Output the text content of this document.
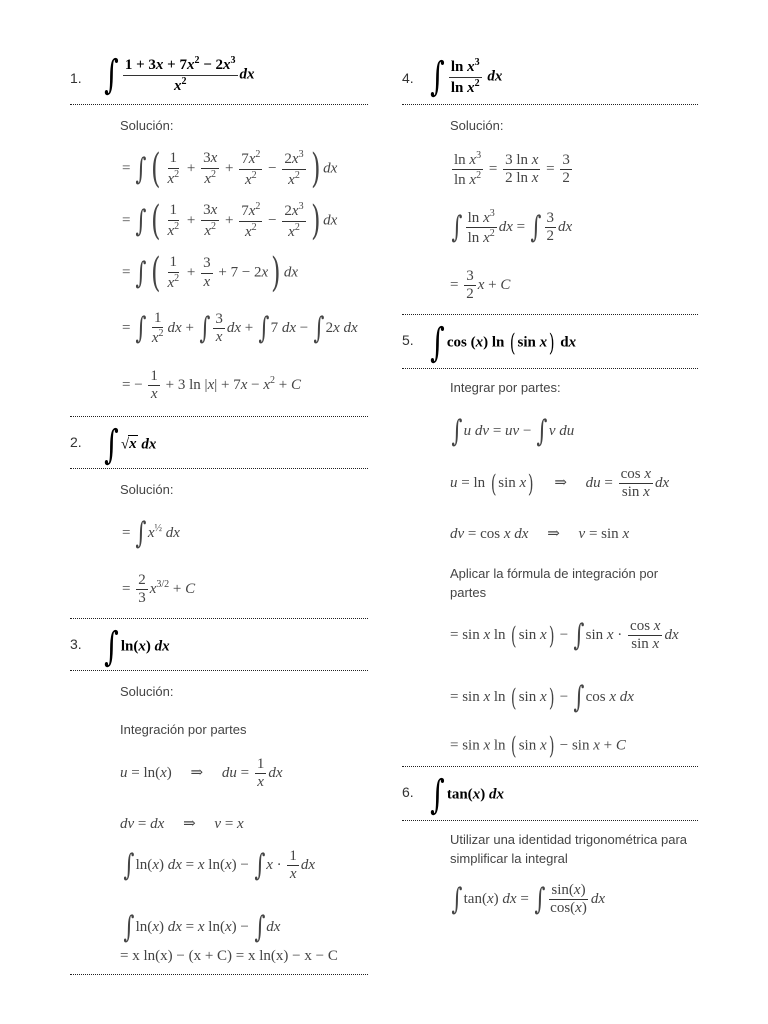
1. ∫ $\frac{1 + 3x + 7x^2 - 2x^3}{x^2}$ dx
Solución:
= ∫ ( $\frac{1}{x^2} + \frac{3x}{x^2} + \frac{7x^2}{x^2} - \frac{2x^3}{x^2}$ ) dx
= ∫ ( $\frac{1}{x^2} + \frac{3x}{x^2} + \frac{7x^2}{x^2} - \frac{2x^3}{x^2}$ ) dx
= ∫ ( $\frac{1}{x^2} + \frac{3}{x} + 7 - 2x$) dx
= ∫ $\frac{1}{x^2}$ dx + ∫ $\frac{3}{x}$ dx + ∫7 dx − ∫2x dx
= − $\frac{1}{x} + 3$ $\ln |x| + 7x - x^2 + C$
2. ∫ √x dx
Solución:
= $\int x^{\frac{1}{2}}$ dx
= $\frac{2}{3} x^{3/2} + C$
3. ∫ ln(x) dx
Solución:
Integración por partes
u = ln(x)     ⇒     du = $\frac{1}{x}$ dx
dv = dx     ⇒     v = x
∫ln(x) dx = x $\ln(x) - \int x \cdot \frac{1}{x}$ dx
∫ln(x) dx = x ln(x) − ∫dx
= x ln(x) − (x + C) = x ln(x) − x − C
4. ∫ $\frac{\ln x^3}{\ln x^2}$ dx
Solución:
$\frac{\ln x^3}{\ln x^2} = \frac{\text{3 ln x}}{\text{2 ln x}} = \frac{3}{2}$
∫ $\frac{\ln x^3}{\ln x^2}$ dx = ∫ $\frac{3}{2}$ dx
= $\frac{3}{2}$ x + C
5. ∫ cos (x) ln ( sin x) dx
Integrar por partes:
∫u dv = uv − ∫v du
u = ln ( sin x)     ⇒     du = $\frac{\text{cos x}}{\text{sin x}}$ dx
dv = cos x dx     ⇒     v = sin x
Aplicar la fórmula de integración por partes
= sin x ln ( sin x) − ∫sin $x \cdot \frac{\text{cos x}}{\text{sin x}}$ dx
= sin x ln ( sin x) − ∫cos x dx
= sin x ln ( sin x) − sin x + C
6. ∫ tan(x) dx
Utilizar una identidad trigonométrica para simplificar la integral
∫tan(x) dx = ∫ $\frac{\sin(x)}{\cos(x)}$ dx
